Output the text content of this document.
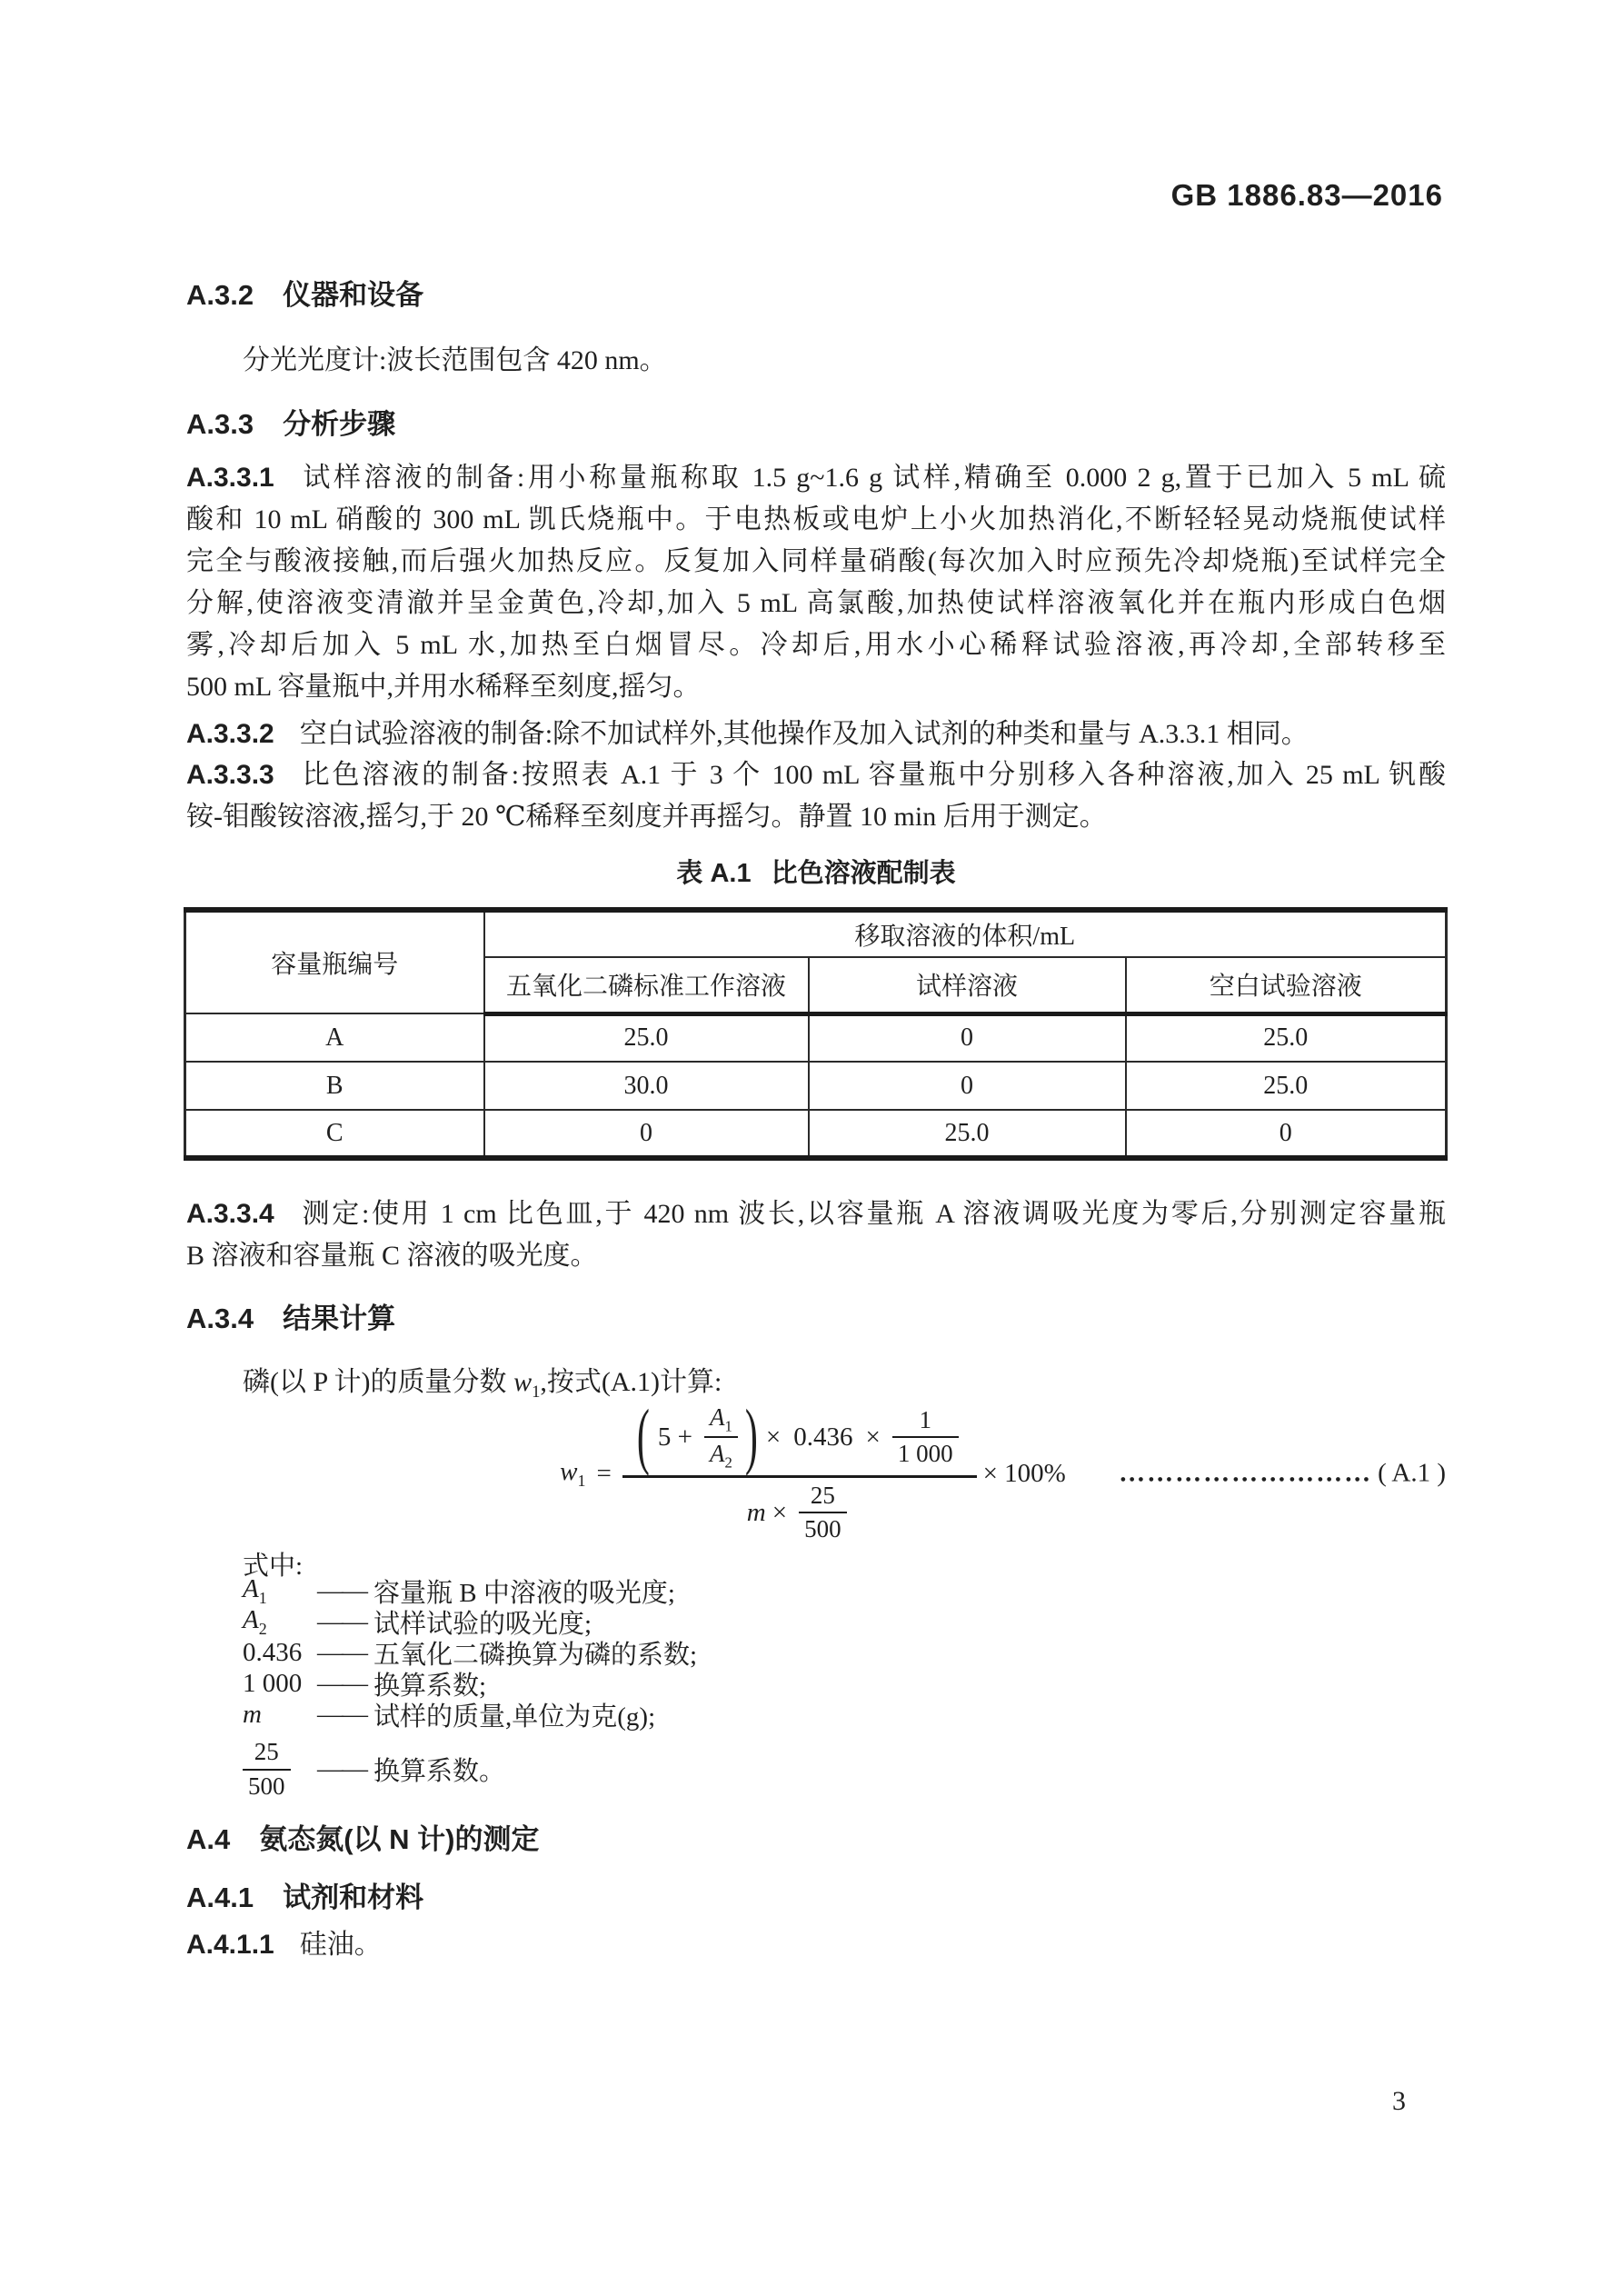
GB 1886.83—2016
A.3.2 仪器和设备
分光光度计:波长范围包含 420 nm。
A.3.3 分析步骤
A.3.3.1 试样溶液的制备:用小称量瓶称取 1.5 g~1.6 g 试样,精确至 0.000 2 g,置于已加入 5 mL 硫
酸和 10 mL 硝酸的 300 mL 凯氏烧瓶中。于电热板或电炉上小火加热消化,不断轻轻晃动烧瓶使试样
完全与酸液接触,而后强火加热反应。反复加入同样量硝酸(每次加入时应预先冷却烧瓶)至试样完全
分解,使溶液变清澈并呈金黄色,冷却,加入 5 mL 高氯酸,加热使试样溶液氧化并在瓶内形成白色烟
雾,冷却后加入 5 mL 水,加热至白烟冒尽。冷却后,用水小心稀释试验溶液,再冷却,全部转移至
500 mL 容量瓶中,并用水稀释至刻度,摇匀。
A.3.3.2 空白试验溶液的制备:除不加试样外,其他操作及加入试剂的种类和量与 A.3.3.1 相同。
A.3.3.3 比色溶液的制备:按照表 A.1 于 3 个 100 mL 容量瓶中分别移入各种溶液,加入 25 mL 钒酸
铵-钼酸铵溶液,摇匀,于 20 ℃稀释至刻度并再摇匀。静置 10 min 后用于测定。
表 A.1 比色溶液配制表
容量瓶编号	移取溶液的体积/mL		
	五氧化二磷标准工作溶液	试样溶液	空白试验溶液
A	25.0	0	25.0
B	30.0	0	25.0
C	0	25.0	0
A.3.3.4 测定:使用 1 cm 比色皿,于 420 nm 波长,以容量瓶 A 溶液调吸光度为零后,分别测定容量瓶
B 溶液和容量瓶 C 溶液的吸光度。
A.3.4 结果计算
磷(以 P 计)的质量分数 $w_1$,按式(A.1)计算:
$w_1$ = ( $5 + \frac{A_1}{A_2}$ ) × $0.436 \times \frac{1}{1 000}$
$m \times \frac{25}{500}$
× 100% ……………………… ( A.1 )
式中:
$A_1$	—— 容量瓶 B 中溶液的吸光度;
$A_2$	—— 试样试验的吸光度;
0.436 —— 五氧化二磷换算为磷的系数;
1 000 —— 换算系数;
m	—— 试样的质量,单位为克(g);
$\frac{25}{500}$ —— 换算系数。
A.4 氨态氮(以 N 计)的测定
A.4.1 试剂和材料
A.4.1.1 硅油。
3
